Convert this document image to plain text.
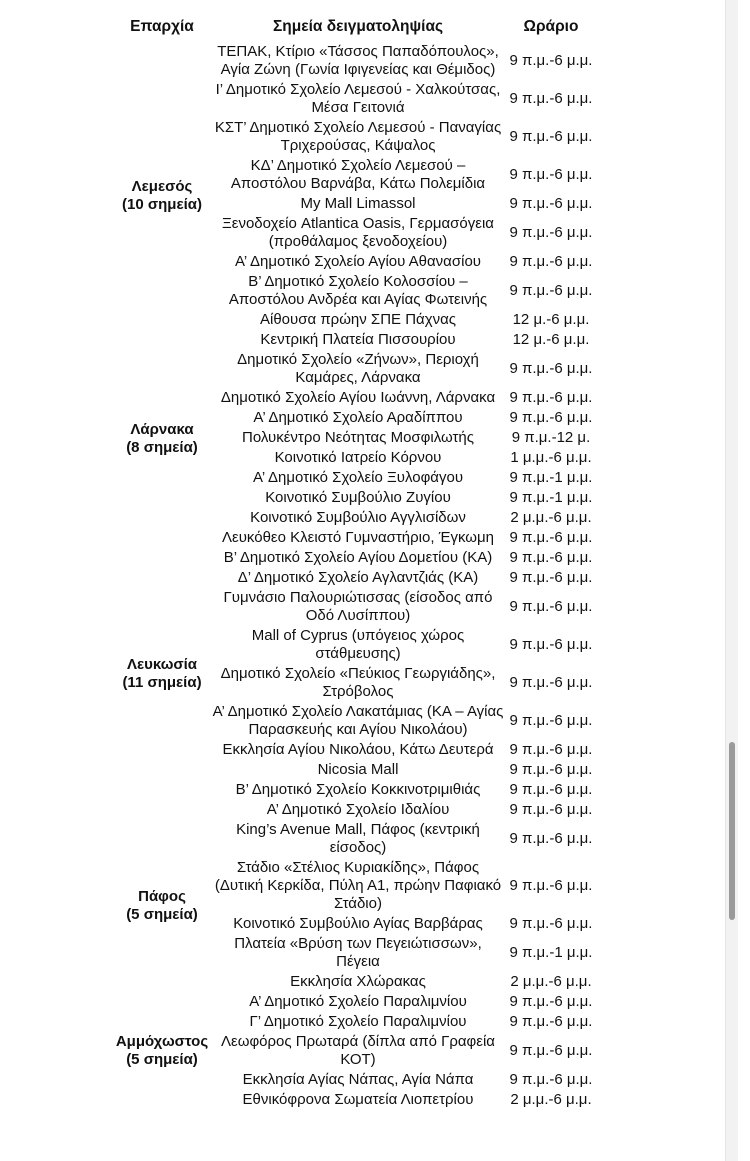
Επαρχία	Σημεία δειγματοληψίας	Ωράριο

Λεμεσός
(10 σημεία)	ΤΕΠΑΚ, Κτίριο «Τάσσος Παπαδόπουλος», Αγία Ζώνη (Γωνία Ιφιγενείας και Θέμιδος)	9 π.μ.-6 μ.μ.
	Ι’ Δημοτικό Σχολείο Λεμεσού - Χαλκούτσας, Μέσα Γειτονιά	9 π.μ.-6 μ.μ.
	ΚΣΤ’ Δημοτικό Σχολείο Λεμεσού - Παναγίας Τριχερούσας, Κάψαλος	9 π.μ.-6 μ.μ.
	ΚΔ’ Δημοτικό Σχολείο Λεμεσού – Αποστόλου Βαρνάβα, Κάτω Πολεμίδια	9 π.μ.-6 μ.μ.
	My Mall Limassol	9 π.μ.-6 μ.μ.
	Ξενοδοχείο Atlantica Oasis, Γερμασόγεια (προθάλαμος ξενοδοχείου)	9 π.μ.-6 μ.μ.
	Α’ Δημοτικό Σχολείο Αγίου Αθανασίου	9 π.μ.-6 μ.μ.
	Β’ Δημοτικό Σχολείο Κολοσσίου – Αποστόλου Ανδρέα και Αγίας Φωτεινής	9 π.μ.-6 μ.μ.
	Αίθουσα πρώην ΣΠΕ Πάχνας	12 μ.-6 μ.μ.
	Κεντρική Πλατεία Πισσουρίου	12 μ.-6 μ.μ.

Λάρνακα
(8 σημεία)	Δημοτικό Σχολείο «Ζήνων», Περιοχή Καμάρες, Λάρνακα	9 π.μ.-6 μ.μ.
	Δημοτικό Σχολείο Αγίου Ιωάννη, Λάρνακα	9 π.μ.-6 μ.μ.
	Α’ Δημοτικό Σχολείο Αραδίππου	9 π.μ.-6 μ.μ.
	Πολυκέντρο Νεότητας Μοσφιλωτής	9 π.μ.-12 μ.
	Κοινοτικό Ιατρείο Κόρνου	1 μ.μ.-6 μ.μ.
	Α’ Δημοτικό Σχολείο Ξυλοφάγου	9 π.μ.-1 μ.μ.
	Κοινοτικό Συμβούλιο Ζυγίου	9 π.μ.-1 μ.μ.
	Κοινοτικό Συμβούλιο Αγγλισίδων	2 μ.μ.-6 μ.μ.

Λευκωσία
(11 σημεία)	Λευκόθεο Κλειστό Γυμναστήριο, Έγκωμη	9 π.μ.-6 μ.μ.
	Β’ Δημοτικό Σχολείο Αγίου Δομετίου (ΚΑ)	9 π.μ.-6 μ.μ.
	Δ’ Δημοτικό Σχολείο Αγλαντζιάς (ΚΑ)	9 π.μ.-6 μ.μ.
	Γυμνάσιο Παλουριώτισσας (είσοδος από Οδό Λυσίππου)	9 π.μ.-6 μ.μ.
	Mall of Cyprus (υπόγειος χώρος στάθμευσης)	9 π.μ.-6 μ.μ.
	Δημοτικό Σχολείο «Πεύκιος Γεωργιάδης», Στρόβολος	9 π.μ.-6 μ.μ.
	Α’ Δημοτικό Σχολείο Λακατάμιας (ΚΑ – Αγίας Παρασκευής και Αγίου Νικολάου)	9 π.μ.-6 μ.μ.
	Εκκλησία Αγίου Νικολάου, Κάτω Δευτερά	9 π.μ.-6 μ.μ.
	Nicosia Mall	9 π.μ.-6 μ.μ.
	Β’ Δημοτικό Σχολείο Κοκκινοτριμιθιάς	9 π.μ.-6 μ.μ.
	Α’ Δημοτικό Σχολείο Ιδαλίου	9 π.μ.-6 μ.μ.

Πάφος
(5 σημεία)	King’s Avenue Mall, Πάφος (κεντρική είσοδος)	9 π.μ.-6 μ.μ.
	Στάδιο «Στέλιος Κυριακίδης», Πάφος (Δυτική Κερκίδα, Πύλη Α1, πρώην Παφιακό Στάδιο)	9 π.μ.-6 μ.μ.
	Κοινοτικό Συμβούλιο Αγίας Βαρβάρας	9 π.μ.-6 μ.μ.
	Πλατεία «Βρύση των Πεγειώτισσων», Πέγεια	9 π.μ.-1 μ.μ.
	Εκκλησία Χλώρακας	2 μ.μ.-6 μ.μ.

Αμμόχωστος
(5 σημεία)	Α’ Δημοτικό Σχολείο Παραλιμνίου	9 π.μ.-6 μ.μ.
	Γ’ Δημοτικό Σχολείο Παραλιμνίου	9 π.μ.-6 μ.μ.
	Λεωφόρος Πρωταρά (δίπλα από Γραφεία ΚΟΤ)	9 π.μ.-6 μ.μ.
	Εκκλησία Αγίας Νάπας, Αγία Νάπα	9 π.μ.-6 μ.μ.
	Εθνικόφρονα Σωματεία Λιοπετρίου	2 μ.μ.-6 μ.μ.
